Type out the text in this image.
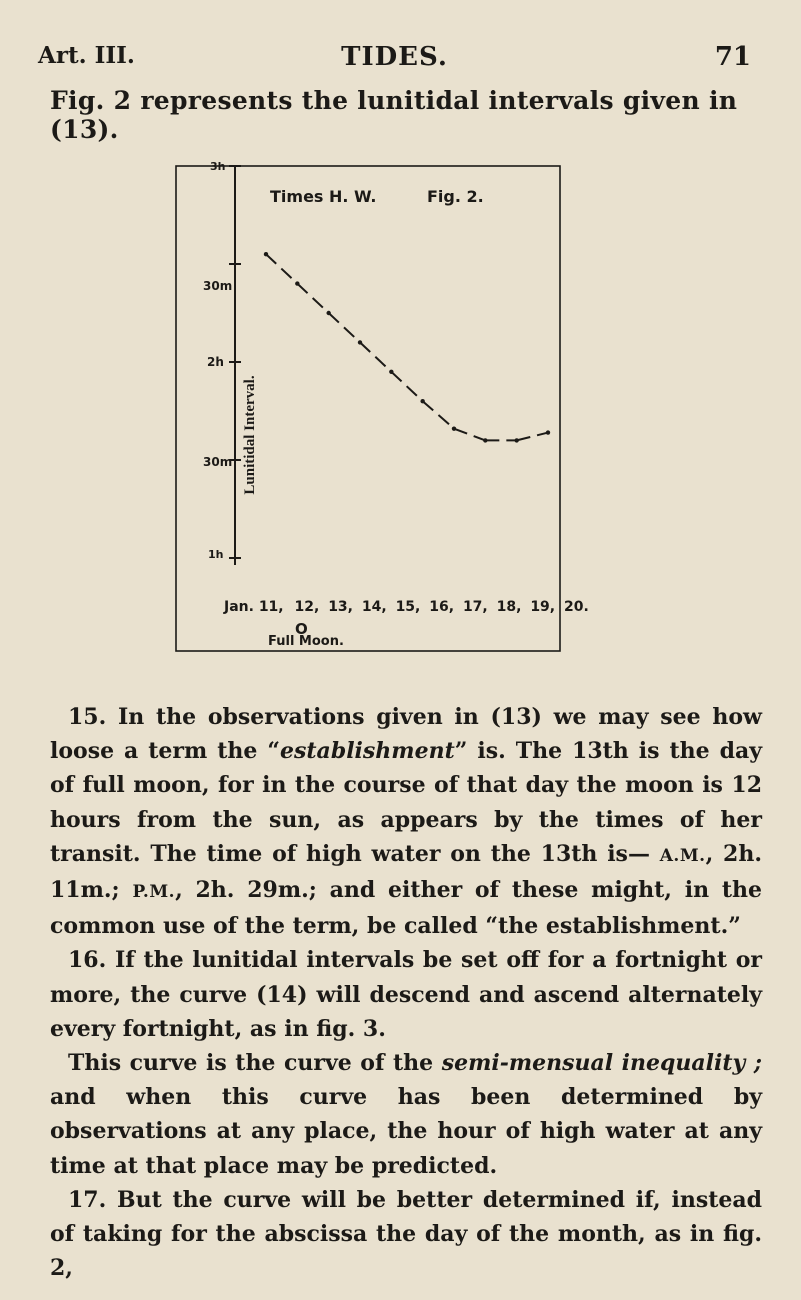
Art. III.	TIDES.	71
Fig. 2 represents the lunitidal intervals given in (13).
3h
30m
2h
30m
1h
Lunitidal Interval.
Times H. W.	Fig. 2.
Jan. 11, 12, 13, 14, 15, 16, 17, 18, 19, 20.
O
Full Moon.

15. In the observations given in (13) we may see how loose a term the “establishment” is. The 13th is the day of full moon, for in the course of that day the moon is 12 hours from the sun, as appears by the times of her transit. The time of high water on the 13th is— A.M., 2h. 11m.; P.M., 2h. 29m.; and either of these might, in the common use of the term, be called “the establishment.”

16. If the lunitidal intervals be set off for a fortnight or more, the curve (14) will descend and ascend alternately every fortnight, as in fig. 3.

This curve is the curve of the semi-mensual inequality ; and when this curve has been determined by observations at any place, the hour of high water at any time at that place may be predicted.

17. But the curve will be better determined if, instead of taking for the abscissa the day of the month, as in fig. 2,
